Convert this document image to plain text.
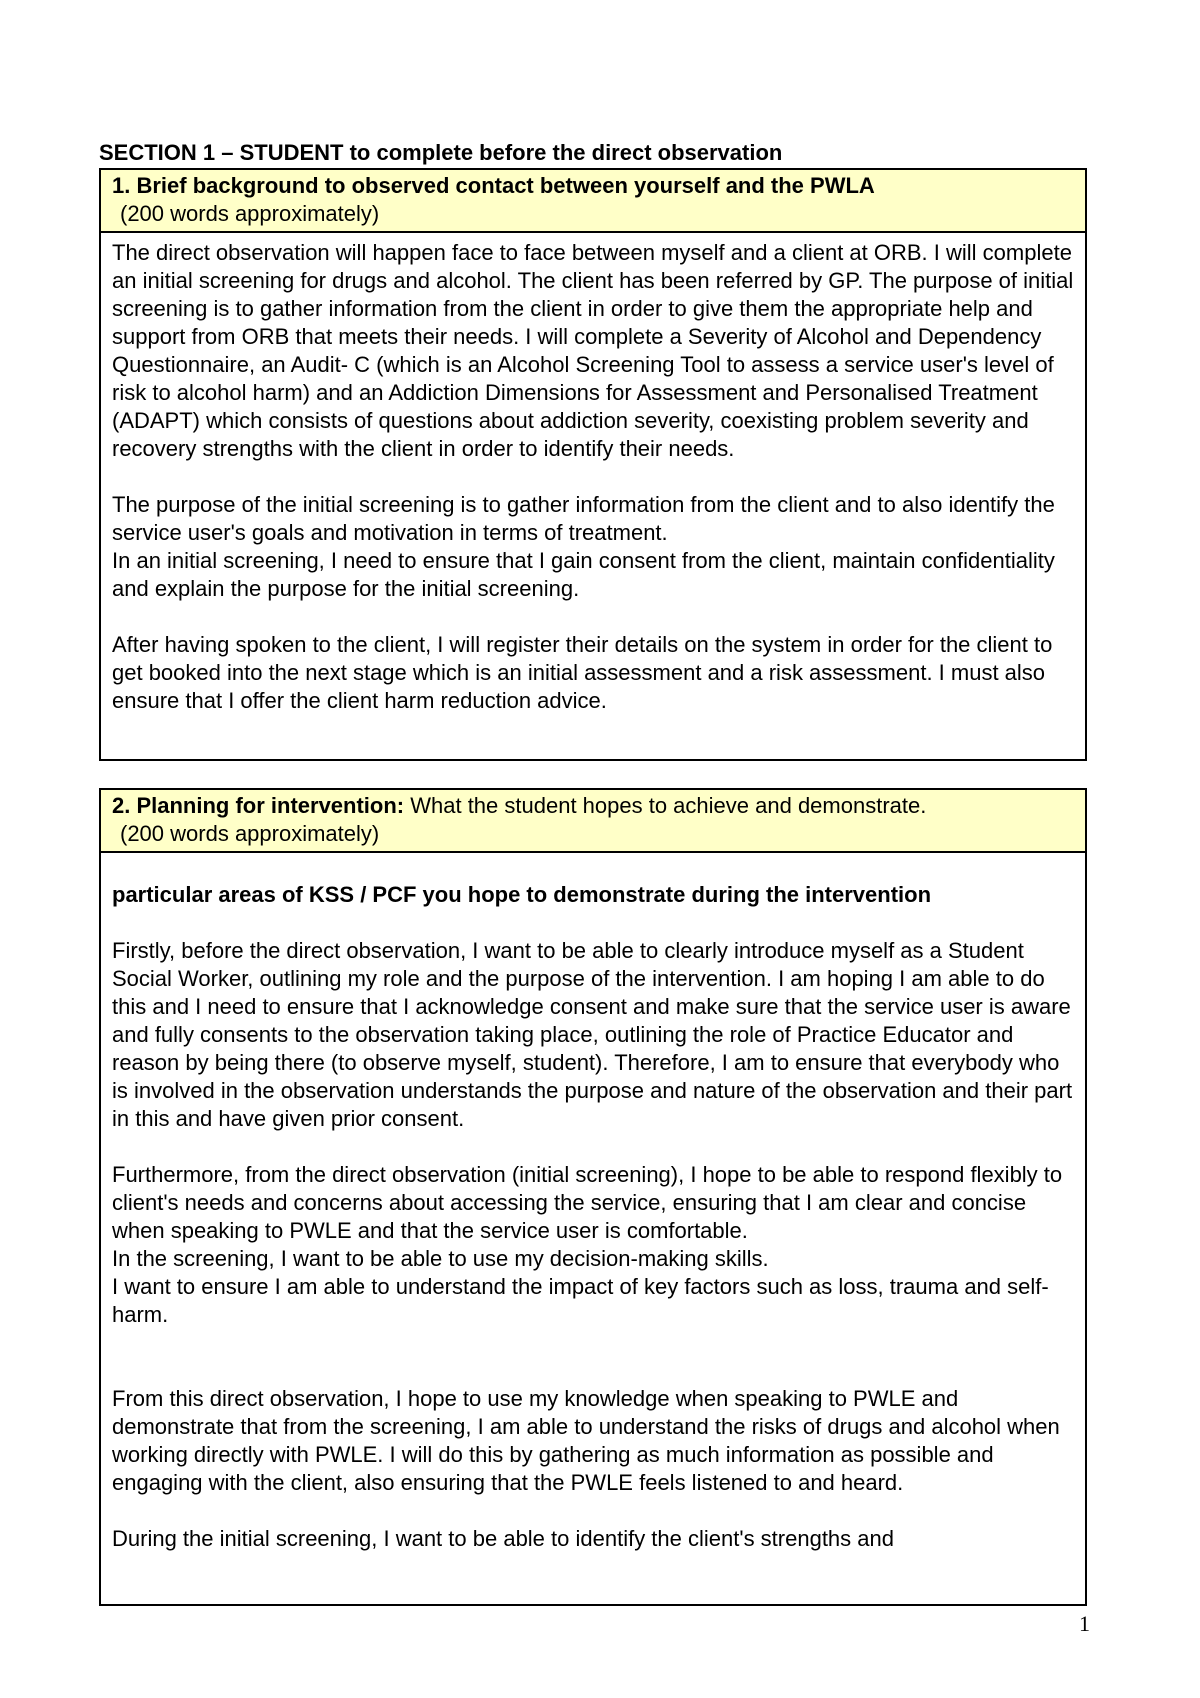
SECTION 1 – STUDENT to complete before the direct observation
1. Brief background to observed contact between yourself and the PWLA
(200 words approximately)

The direct observation will happen face to face between myself and a client at ORB. I will complete an initial screening for drugs and alcohol. The client has been referred by GP. The purpose of initial screening is to gather information from the client in order to give them the appropriate help and support from ORB that meets their needs. I will complete a Severity of Alcohol and Dependency Questionnaire, an Audit- C (which is an Alcohol Screening Tool to assess a service user's level of risk to alcohol harm) and an Addiction Dimensions for Assessment and Personalised Treatment (ADAPT) which consists of questions about addiction severity, coexisting problem severity and recovery strengths with the client in order to identify their needs.

The purpose of the initial screening is to gather information from the client and to also identify the service user's goals and motivation in terms of treatment.

In an initial screening, I need to ensure that I gain consent from the client, maintain confidentiality and explain the purpose for the initial screening.

After having spoken to the client, I will register their details on the system in order for the client to get booked into the next stage which is an initial assessment and a risk assessment. I must also ensure that I offer the client harm reduction advice.

2. Planning for intervention: What the student hopes to achieve and demonstrate.
(200 words approximately)
particular areas of KSS / PCF you hope to demonstrate during the intervention

Firstly, before the direct observation, I want to be able to clearly introduce myself as a Student Social Worker, outlining my role and the purpose of the intervention. I am hoping I am able to do this and I need to ensure that I acknowledge consent and make sure that the service user is aware and fully consents to the observation taking place, outlining the role of Practice Educator and reason by being there (to observe myself, student). Therefore, I am to ensure that everybody who is involved in the observation understands the purpose and nature of the observation and their part in this and have given prior consent.

Furthermore, from the direct observation (initial screening), I hope to be able to respond flexibly to client's needs and concerns about accessing the service, ensuring that I am clear and concise when speaking to PWLE and that the service user is comfortable.

In the screening, I want to be able to use my decision-making skills.

I want to ensure I am able to understand the impact of key factors such as loss, trauma and self-harm.

From this direct observation, I hope to use my knowledge when speaking to PWLE and demonstrate that from the screening, I am able to understand the risks of drugs and alcohol when working directly with PWLE. I will do this by gathering as much information as possible and engaging with the client, also ensuring that the PWLE feels listened to and heard.

During the initial screening, I want to be able to identify the client's strengths and

1
